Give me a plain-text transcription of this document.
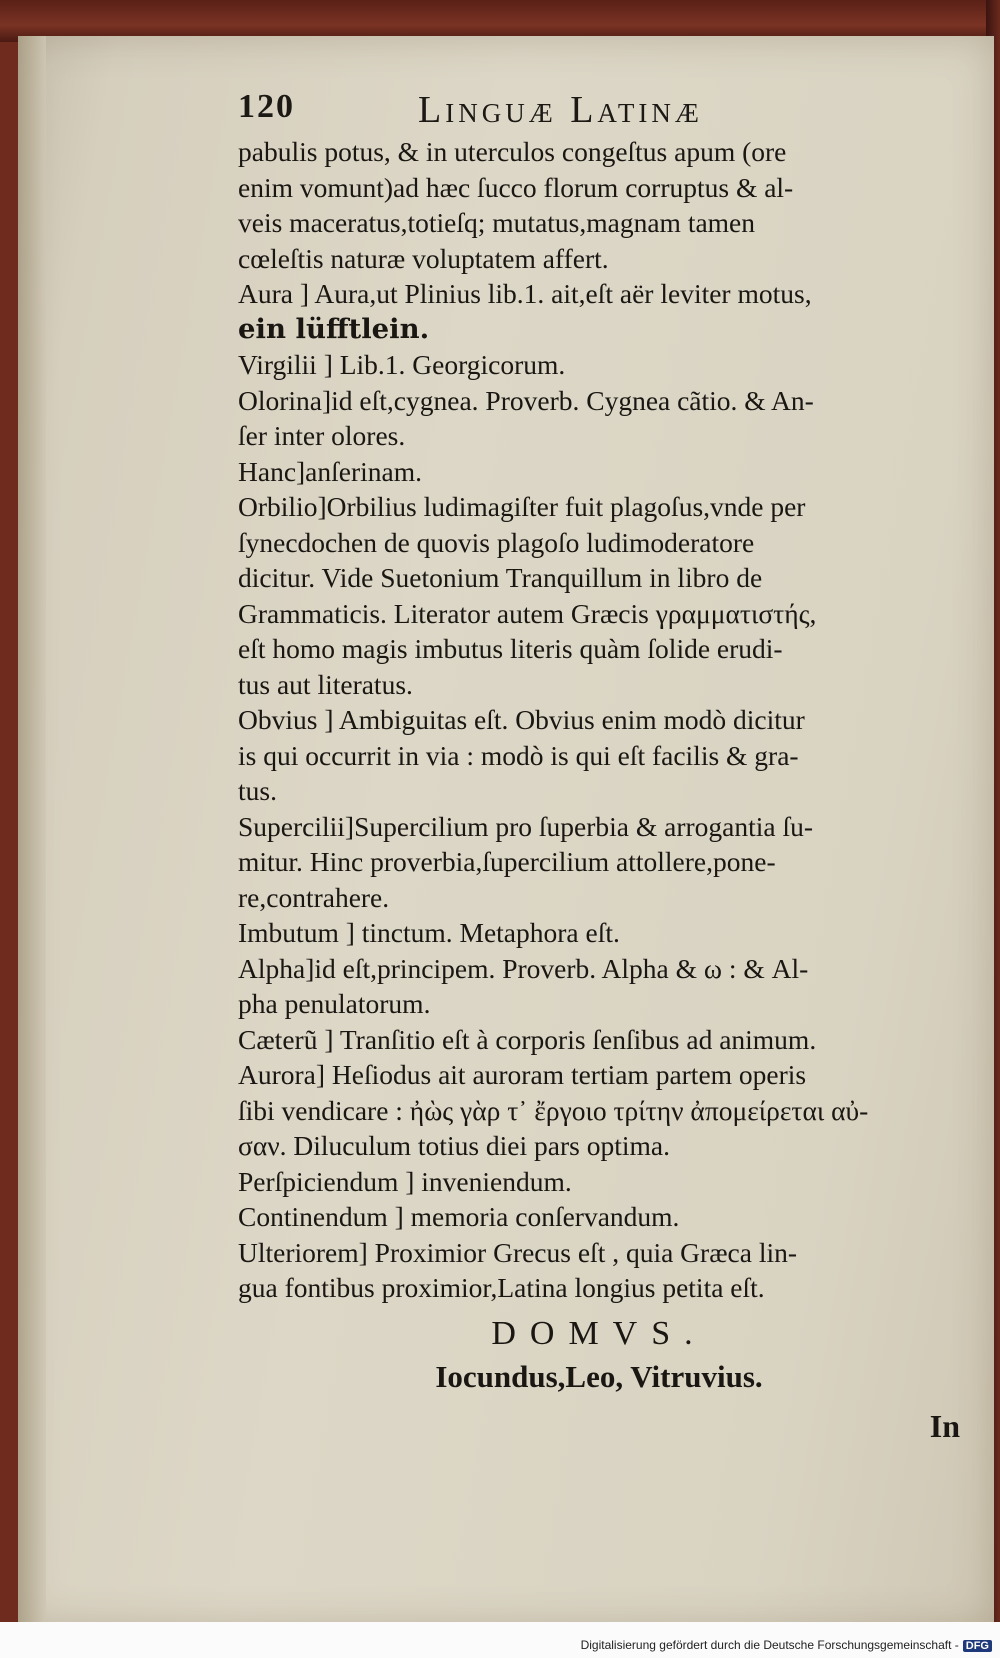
120	Linguæ Latinæ
pabulis potus, & in uterculos congeſtus apum (ore
enim vomunt)ad hæc ſucco florum corruptus & al-
veis maceratus,totieſq; mutatus,magnam tamen
cœleſtis naturæ voluptatem affert.
Aura ] Aura,ut Plinius lib.1. ait,eſt aër leviter motus,
ein lüfftlein.
Virgilii ] Lib.1. Georgicorum.
Olorina]id eſt,cygnea. Proverb. Cygnea cãtio. & An-
ſer inter olores.
Hanc]anſerinam.
Orbilio]Orbilius ludimagiſter fuit plagoſus,vnde per
ſynecdochen de quovis plagoſo ludimoderatore
dicitur. Vide Suetonium Tranquillum in libro de
Grammaticis. Literator autem Græcis γραμματιστής,
eſt homo magis imbutus literis quàm ſolide erudi-
tus aut literatus.
Obvius ] Ambiguitas eſt. Obvius enim modò dicitur
is qui occurrit in via : modò is qui eſt facilis & gra-
tus.
Supercilii]Supercilium pro ſuperbia & arrogantia ſu-
mitur. Hinc proverbia,ſupercilium attollere,pone-
re,contrahere.
Imbutum ] tinctum. Metaphora eſt.
Alpha]id eſt,principem. Proverb. Alpha & ω : & Al-
pha penulatorum.
Cæterũ ] Tranſitio eſt à corporis ſenſibus ad animum.
Aurora] Heſiodus ait auroram tertiam partem operis
ſibi vendicare : ἠὼς γὰρ τ᾽ ἔργοιο τρίτην ἀπομείρεται αὐ-
σαν. Diluculum totius diei pars optima.
Perſpiciendum ] inveniendum.
Continendum ] memoria conſervandum.
Ulteriorem] Proximior Grecus eſt , quia Græca lin-
gua fontibus proximior,Latina longius petita eſt.
DOMVS.
Iocundus,Leo, Vitruvius.
In
Digitalisierung gefördert durch die Deutsche Forschungsgemeinschaft - DFG
